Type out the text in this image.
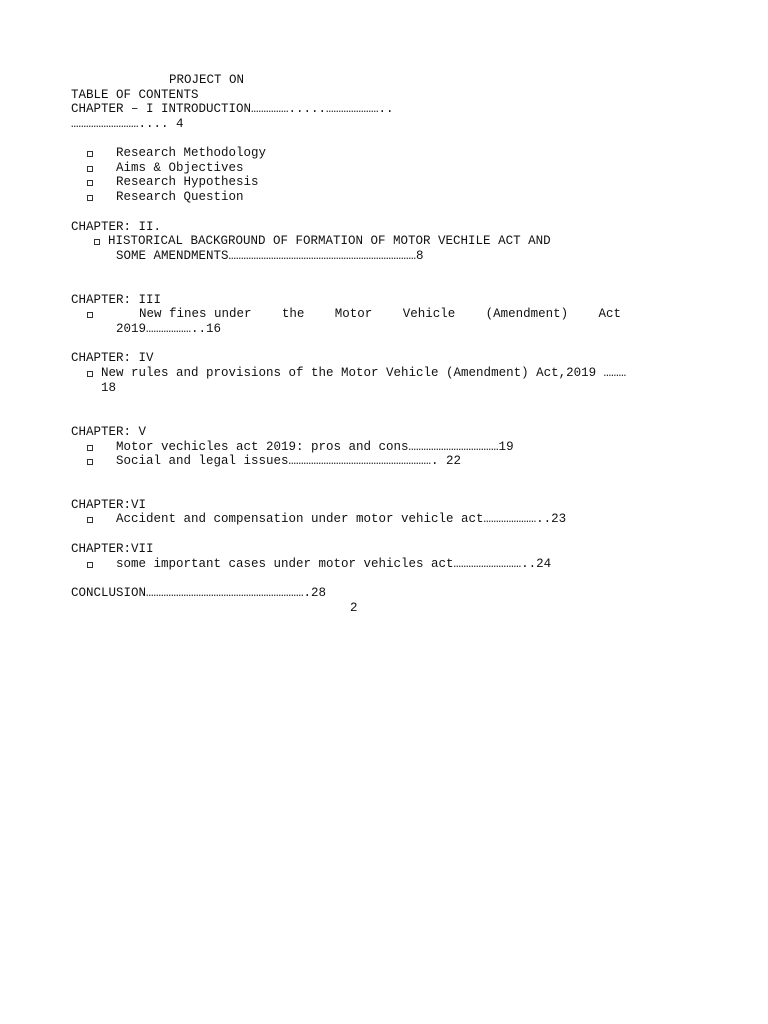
PROJECT ON
TABLE OF CONTENTS
CHAPTER – I INTRODUCTION…………….....…………………..
……………………….... 4
Research Methodology
Aims & Objectives
Research Hypothesis
Research Question
CHAPTER: II.
HISTORICAL BACKGROUND OF FORMATION OF MOTOR VECHILE ACT AND
SOME AMENDMENTS…………………………………………………………………8
CHAPTER: III
New fines under the Motor Vehicle (Amendment) Act
2019………………..16
CHAPTER: IV
New rules and provisions of the Motor Vehicle (Amendment) Act,2019 ………
18
CHAPTER: V
Motor vechicles act 2019: pros and cons………………………………19
Social and legal issues…………………………………………………. 22
CHAPTER:VI
Accident and compensation under motor vehicle act…………………..23
CHAPTER:VII
some important cases under motor vehicles act………………………..24
CONCLUSION……………………………………………………….28
2
